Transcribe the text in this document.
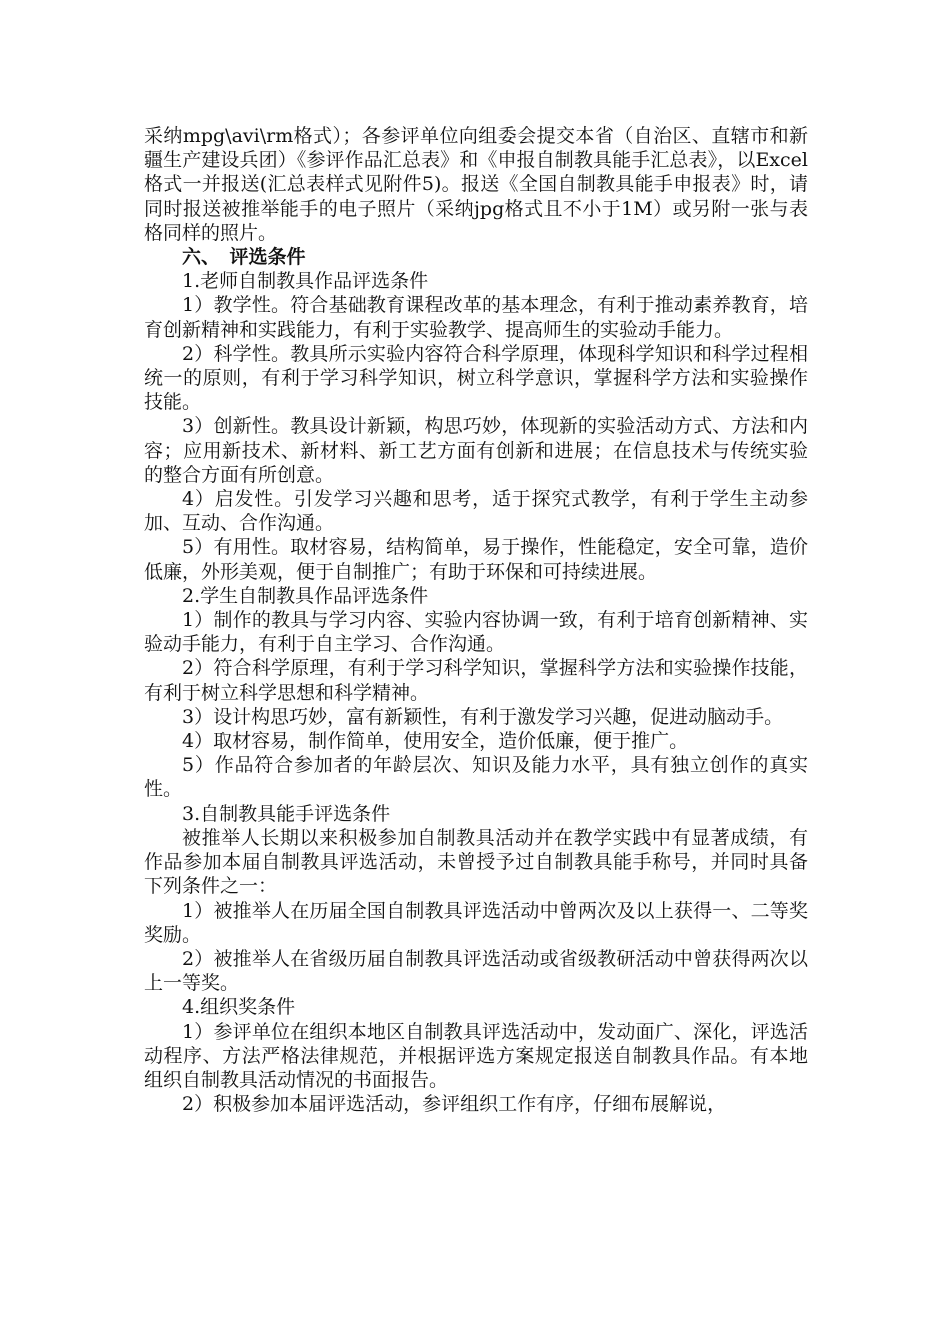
采纳mpg\avi\rm格式）；各参评单位向组委会提交本省（自治区、直辖市和新疆生产建设兵团）《参评作品汇总表》和《申报自制教具能手汇总表》，以Excel格式一并报送(汇总表样式见附件5)。报送《全国自制教具能手申报表》时，请同时报送被推举能手的电子照片（采纳jpg格式且不小于1M）或另附一张与表格同样的照片。

六、　评选条件

1.老师自制教具作品评选条件

1）教学性。符合基础教育课程改革的基本理念，有利于推动素养教育，培育创新精神和实践能力，有利于实验教学、提高师生的实验动手能力。

2）科学性。教具所示实验内容符合科学原理，体现科学知识和科学过程相统一的原则，有利于学习科学知识，树立科学意识，掌握科学方法和实验操作技能。

3）创新性。教具设计新颖，构思巧妙，体现新的实验活动方式、方法和内容；应用新技术、新材料、新工艺方面有创新和进展；在信息技术与传统实验的整合方面有所创意。

4）启发性。引发学习兴趣和思考，适于探究式教学，有利于学生主动参加、互动、合作沟通。

5）有用性。取材容易，结构简单，易于操作，性能稳定，安全可靠，造价低廉，外形美观，便于自制推广；有助于环保和可持续进展。

2.学生自制教具作品评选条件

1）制作的教具与学习内容、实验内容协调一致，有利于培育创新精神、实验动手能力，有利于自主学习、合作沟通。

2）符合科学原理，有利于学习科学知识，掌握科学方法和实验操作技能，有利于树立科学思想和科学精神。

3）设计构思巧妙，富有新颖性，有利于激发学习兴趣，促进动脑动手。

4）取材容易，制作简单，使用安全，造价低廉，便于推广。

5）作品符合参加者的年龄层次、知识及能力水平，具有独立创作的真实性。

3.自制教具能手评选条件

被推举人长期以来积极参加自制教具活动并在教学实践中有显著成绩，有作品参加本届自制教具评选活动，未曾授予过自制教具能手称号，并同时具备下列条件之一：

1）被推举人在历届全国自制教具评选活动中曾两次及以上获得一、二等奖奖励。

2）被推举人在省级历届自制教具评选活动或省级教研活动中曾获得两次以上一等奖。

4.组织奖条件

1）参评单位在组织本地区自制教具评选活动中，发动面广、深化，评选活动程序、方法严格法律规范，并根据评选方案规定报送自制教具作品。有本地组织自制教具活动情况的书面报告。

2）积极参加本届评选活动，参评组织工作有序，仔细布展解说，
